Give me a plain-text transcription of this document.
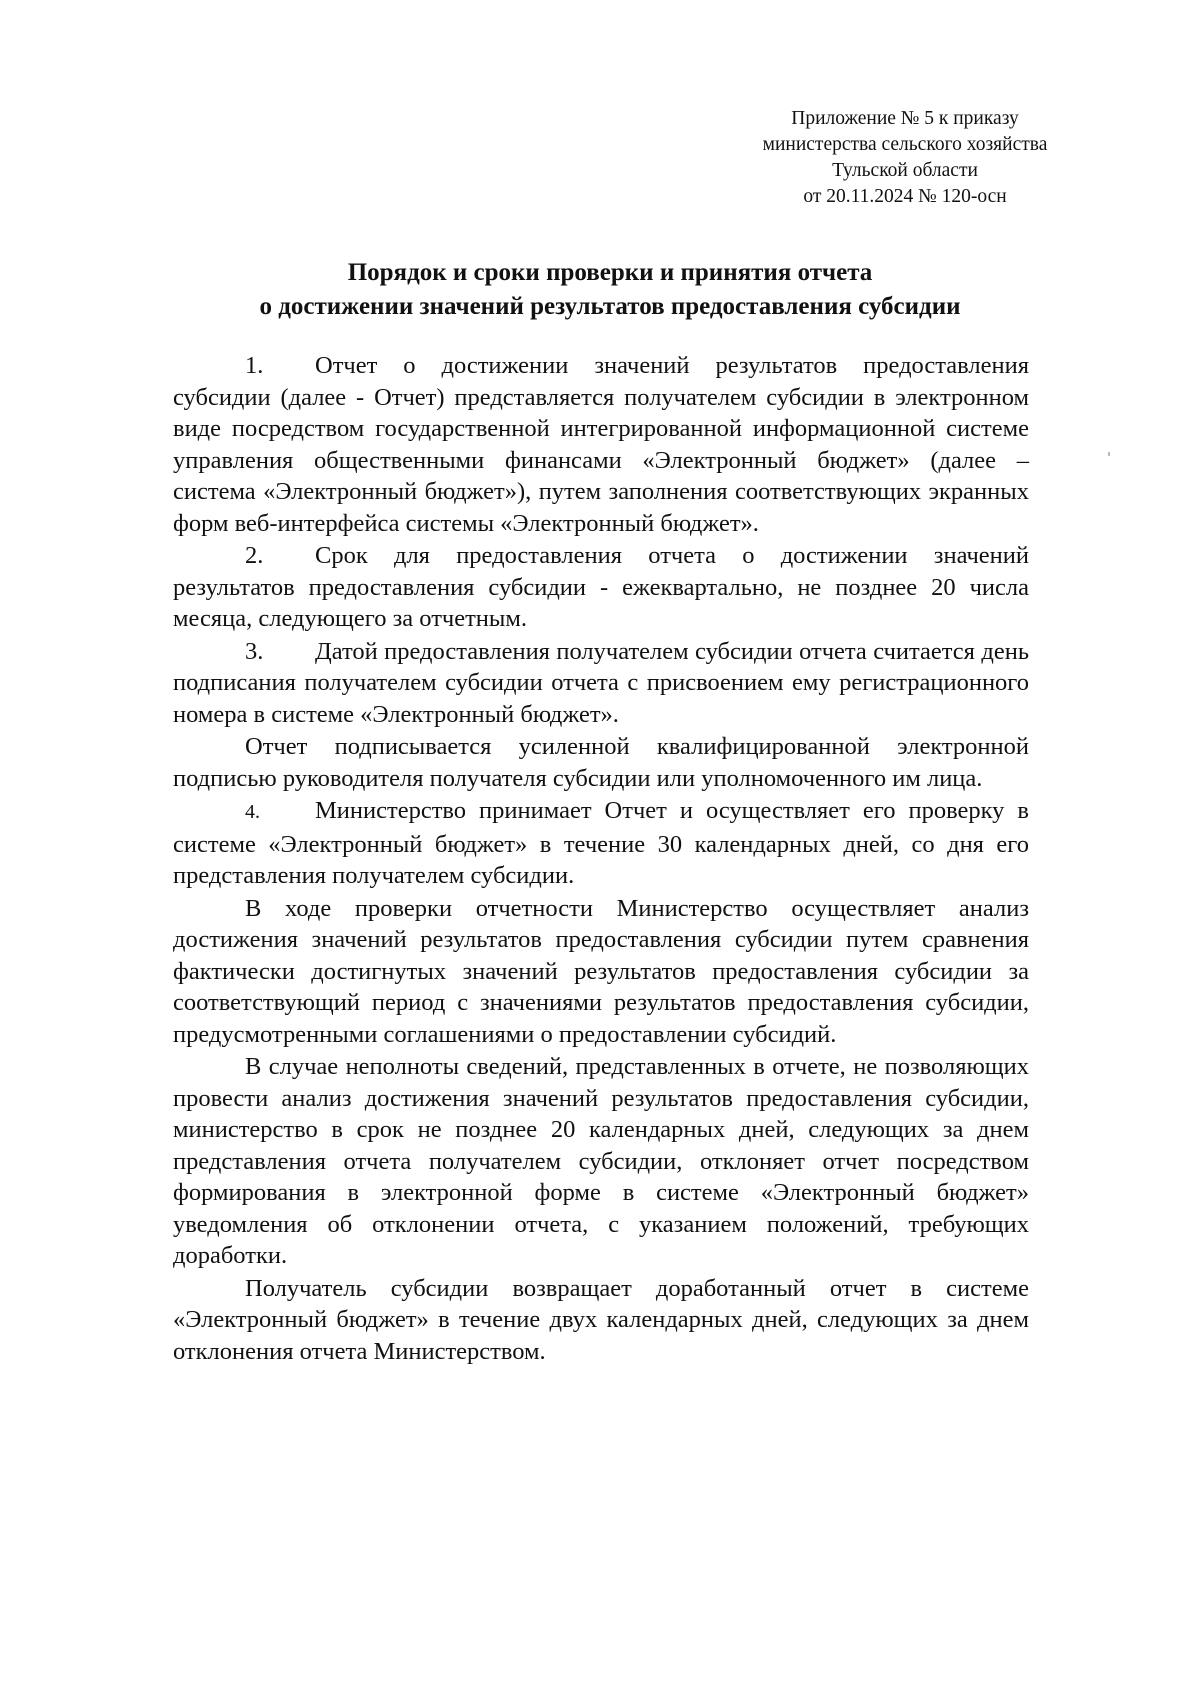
Приложение № 5 к приказу
министерства сельского хозяйства
Тульской области
от 20.11.2024 № 120-осн
Порядок и сроки проверки и принятия отчета
о достижении значений результатов предоставления субсидии

1. Отчет о достижении значений результатов предоставления субсидии (далее - Отчет) представляется получателем субсидии в электронном виде посредством государственной интегрированной информационной системе управления общественными финансами «Электронный бюджет» (далее – система «Электронный бюджет»), путем заполнения соответствующих экранных форм веб-интерфейса системы «Электронный бюджет».

2. Срок для предоставления отчета о достижении значений результатов предоставления субсидии - ежеквартально, не позднее 20 числа месяца, следующего за отчетным.

3. Датой предоставления получателем субсидии отчета считается день подписания получателем субсидии отчета с присвоением ему регистрационного номера в системе «Электронный бюджет».

Отчет подписывается усиленной квалифицированной электронной подписью руководителя получателя субсидии или уполномоченного им лица.

4. Министерство принимает Отчет и осуществляет его проверку в системе «Электронный бюджет» в течение 30 календарных дней, со дня его представления получателем субсидии.

В ходе проверки отчетности Министерство осуществляет анализ достижения значений результатов предоставления субсидии путем сравнения фактически достигнутых значений результатов предоставления субсидии за соответствующий период с значениями результатов предоставления субсидии, предусмотренными соглашениями о предоставлении субсидий.

В случае неполноты сведений, представленных в отчете, не позволяющих провести анализ достижения значений результатов предоставления субсидии, министерство в срок не позднее 20 календарных дней, следующих за днем представления отчета получателем субсидии, отклоняет отчет посредством формирования в электронной форме в системе «Электронный бюджет» уведомления об отклонении отчета, с указанием положений, требующих доработки.

Получатель субсидии возвращает доработанный отчет в системе «Электронный бюджет» в течение двух календарных дней, следующих за днем отклонения отчета Министерством.
